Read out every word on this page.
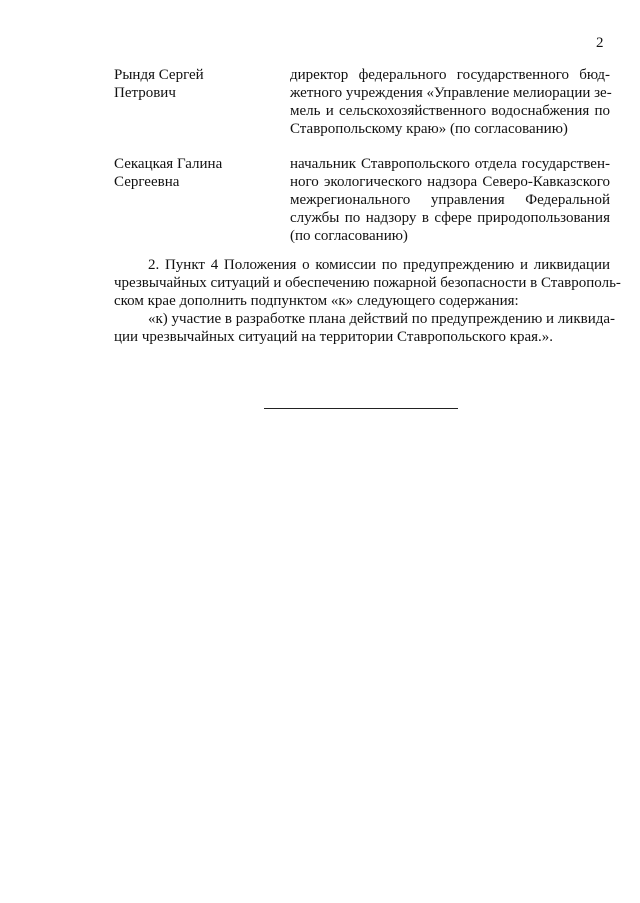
2
Рындя Сергей
Петрович
директор федерального государственного бюд-
жетного учреждения «Управление мелиорации зе-
мель и сельскохозяйственного водоснабжения по
Ставропольскому краю» (по согласованию)
Секацкая Галина
Сергеевна
начальник Ставропольского отдела государствен-
ного экологического надзора Северо-Кавказского
межрегионального управления Федеральной
службы по надзору в сфере природопользования
(по согласованию)
2. Пункт 4 Положения о комиссии по предупреждению и ликвидации
чрезвычайных ситуаций и обеспечению пожарной безопасности в Ставрополь-
ском крае дополнить подпунктом «к» следующего содержания:
«к) участие в разработке плана действий по предупреждению и ликвида-
ции чрезвычайных ситуаций на территории Ставропольского края.».
